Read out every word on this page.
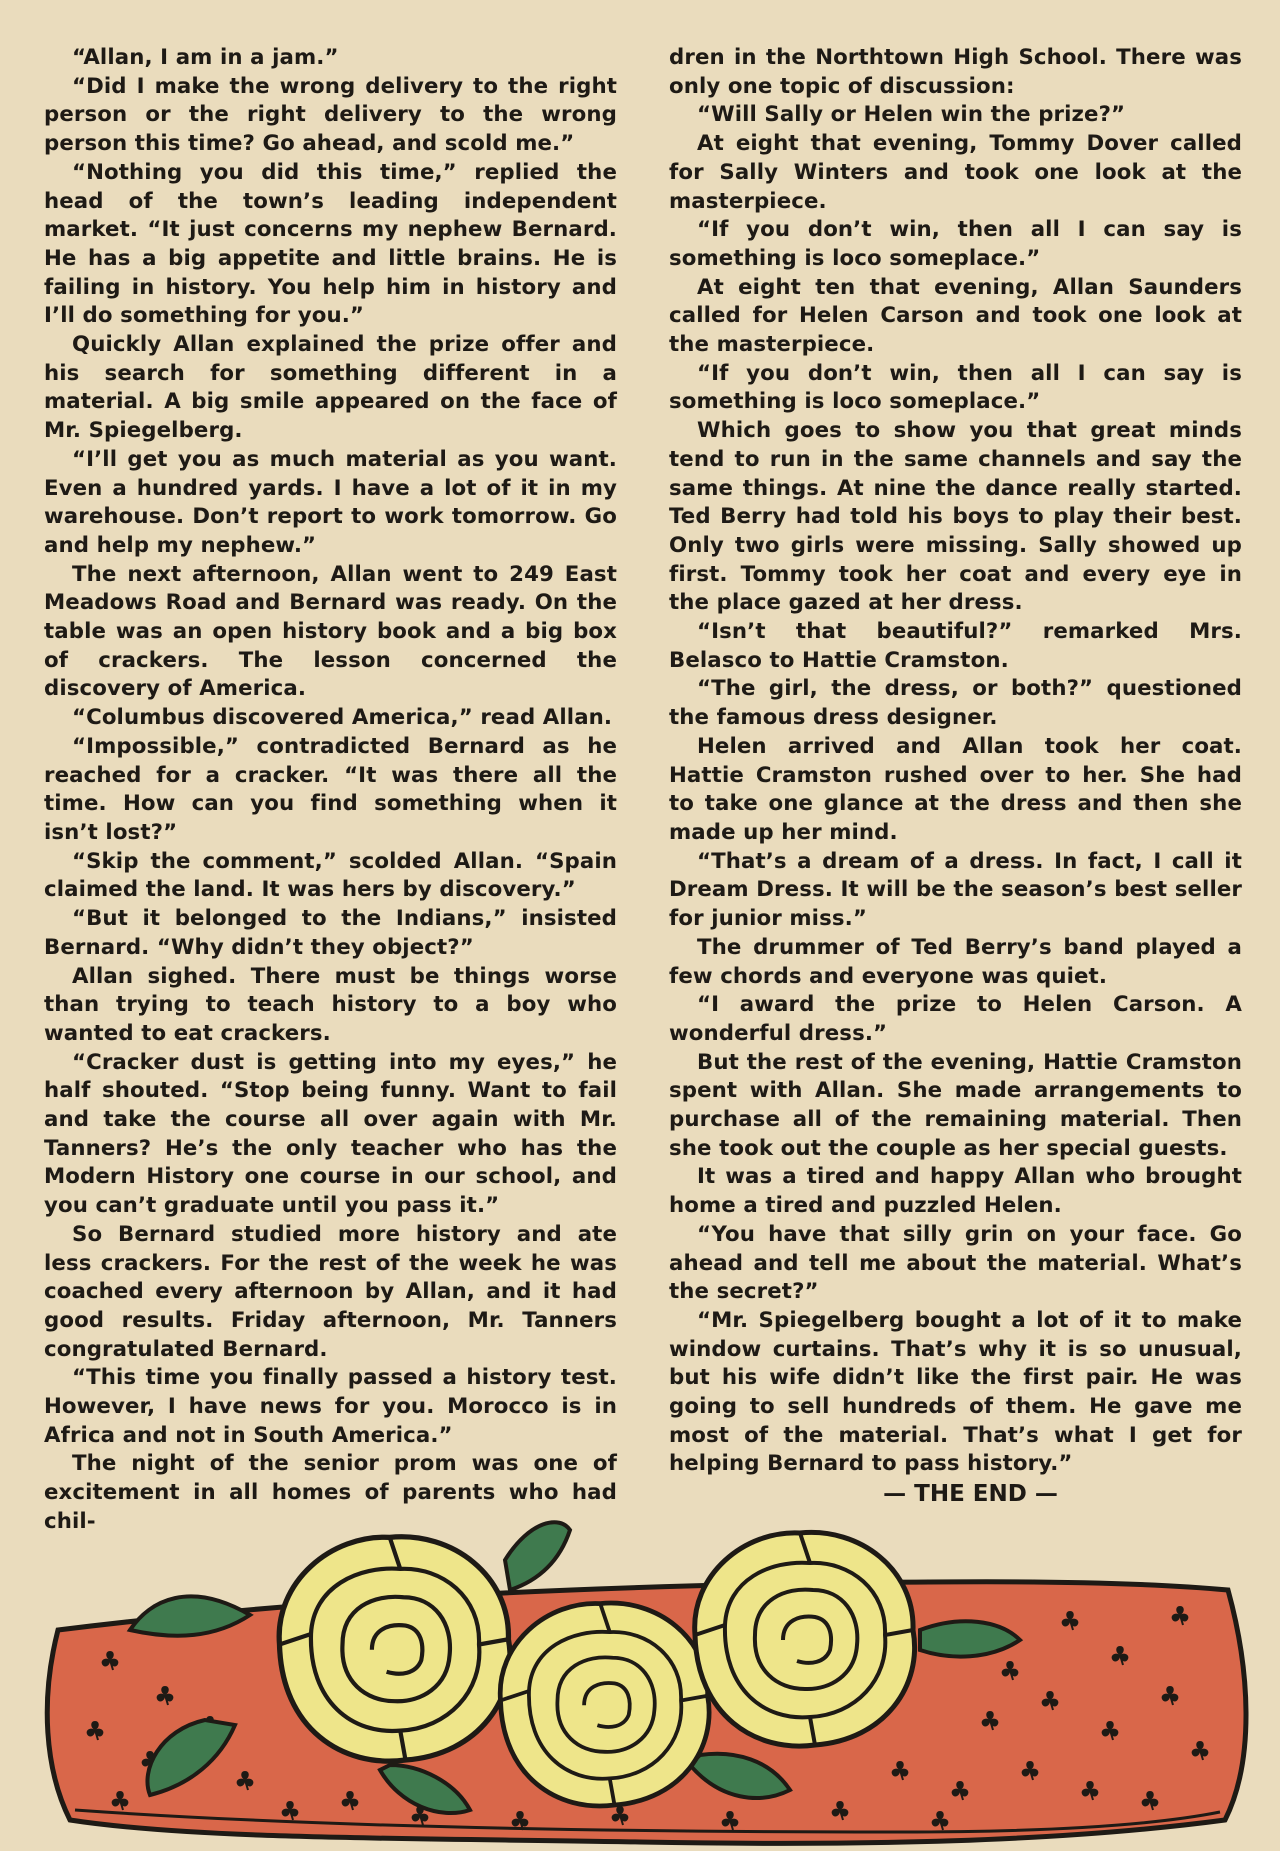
“Allan, I am in a jam.”

“Did I make the wrong delivery to the right person or the right delivery to the wrong person this time? Go ahead, and scold me.”

“Nothing you did this time,” replied the head of the town’s leading independent market. “It just concerns my nephew Bernard. He has a big appetite and little brains. He is failing in history. You help him in history and I’ll do something for you.”

Quickly Allan explained the prize offer and his search for something different in a material. A big smile appeared on the face of Mr. Spiegelberg.

“I’ll get you as much material as you want. Even a hundred yards. I have a lot of it in my warehouse. Don’t report to work tomorrow. Go and help my nephew.”

The next afternoon, Allan went to 249 East Meadows Road and Bernard was ready. On the table was an open history book and a big box of crackers. The lesson concerned the discovery of America.

“Columbus discovered America,” read Allan.

“Impossible,” contradicted Bernard as he reached for a cracker. “It was there all the time. How can you find something when it isn’t lost?”

“Skip the comment,” scolded Allan. “Spain claimed the land. It was hers by discovery.”

“But it belonged to the Indians,” insisted Bernard. “Why didn’t they object?”

Allan sighed. There must be things worse than trying to teach history to a boy who wanted to eat crackers.

“Cracker dust is getting into my eyes,” he half shouted. “Stop being funny. Want to fail and take the course all over again with Mr. Tanners? He’s the only teacher who has the Modern History one course in our school, and you can’t graduate until you pass it.”

So Bernard studied more history and ate less crackers. For the rest of the week he was coached every afternoon by Allan, and it had good results. Friday afternoon, Mr. Tanners congratulated Bernard.

“This time you finally passed a history test. However, I have news for you. Morocco is in Africa and not in South America.”

The night of the senior prom was one of excitement in all homes of parents who had chil-

dren in the Northtown High School. There was only one topic of discussion:

“Will Sally or Helen win the prize?”

At eight that evening, Tommy Dover called for Sally Winters and took one look at the masterpiece.

“If you don’t win, then all I can say is something is loco someplace.”

At eight ten that evening, Allan Saunders called for Helen Carson and took one look at the masterpiece.

“If you don’t win, then all I can say is something is loco someplace.”

Which goes to show you that great minds tend to run in the same channels and say the same things. At nine the dance really started. Ted Berry had told his boys to play their best. Only two girls were missing. Sally showed up first. Tommy took her coat and every eye in the place gazed at her dress.

“Isn’t that beautiful?” remarked Mrs. Belasco to Hattie Cramston.

“The girl, the dress, or both?” questioned the famous dress designer.

Helen arrived and Allan took her coat. Hattie Cramston rushed over to her. She had to take one glance at the dress and then she made up her mind.

“That’s a dream of a dress. In fact, I call it Dream Dress. It will be the season’s best seller for junior miss.”

The drummer of Ted Berry’s band played a few chords and everyone was quiet.

“I award the prize to Helen Carson. A wonderful dress.”

But the rest of the evening, Hattie Cramston spent with Allan. She made arrangements to purchase all of the remaining material. Then she took out the couple as her special guests.

It was a tired and happy Allan who brought home a tired and puzzled Helen.

“You have that silly grin on your face. Go ahead and tell me about the material. What’s the secret?”

“Mr. Spiegelberg bought a lot of it to make window curtains. That’s why it is so unusual, but his wife didn’t like the first pair. He was going to sell hundreds of them. He gave me most of the material. That’s what I get for helping Bernard to pass history.”

— THE END —
